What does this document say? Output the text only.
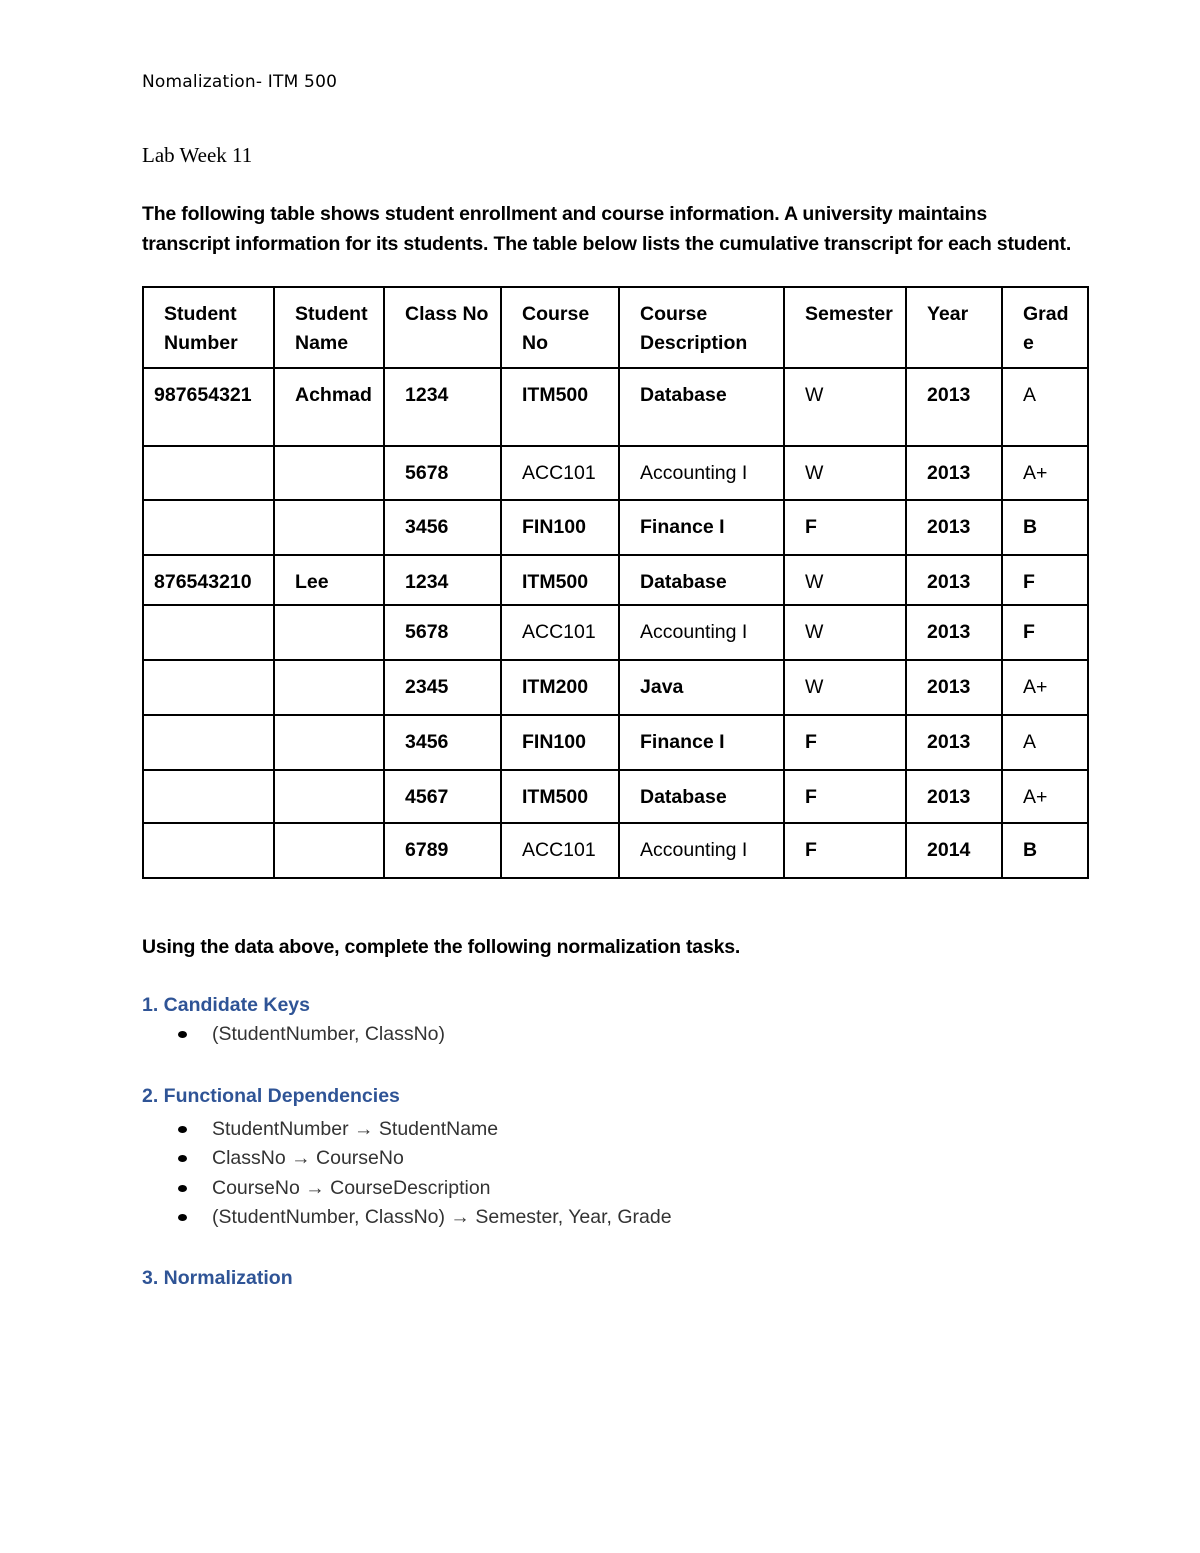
Nomalization- ITM 500
Lab Week 11
The following table shows student enrollment and course information. A university maintains transcript information for its students. The table below lists the cumulative transcript for each student.
Student Number	Student Name	Class No	Course No	Course Description	Semester	Year	Grade
987654321	Achmad	1234	ITM500	Database	W	2013	A
		5678	ACC101	Accounting I	W	2013	A+
		3456	FIN100	Finance I	F	2013	B
876543210	Lee	1234	ITM500	Database	W	2013	F
		5678	ACC101	Accounting I	W	2013	F
		2345	ITM200	Java	W	2013	A+
		3456	FIN100	Finance I	F	2013	A
		4567	ITM500	Database	F	2013	A+
		6789	ACC101	Accounting I	F	2014	B
Using the data above, complete the following normalization tasks.
1. Candidate Keys
(StudentNumber, ClassNo)
2. Functional Dependencies
StudentNumber → StudentName
ClassNo → CourseNo
CourseNo → CourseDescription
(StudentNumber, ClassNo) → Semester, Year, Grade
3. Normalization
